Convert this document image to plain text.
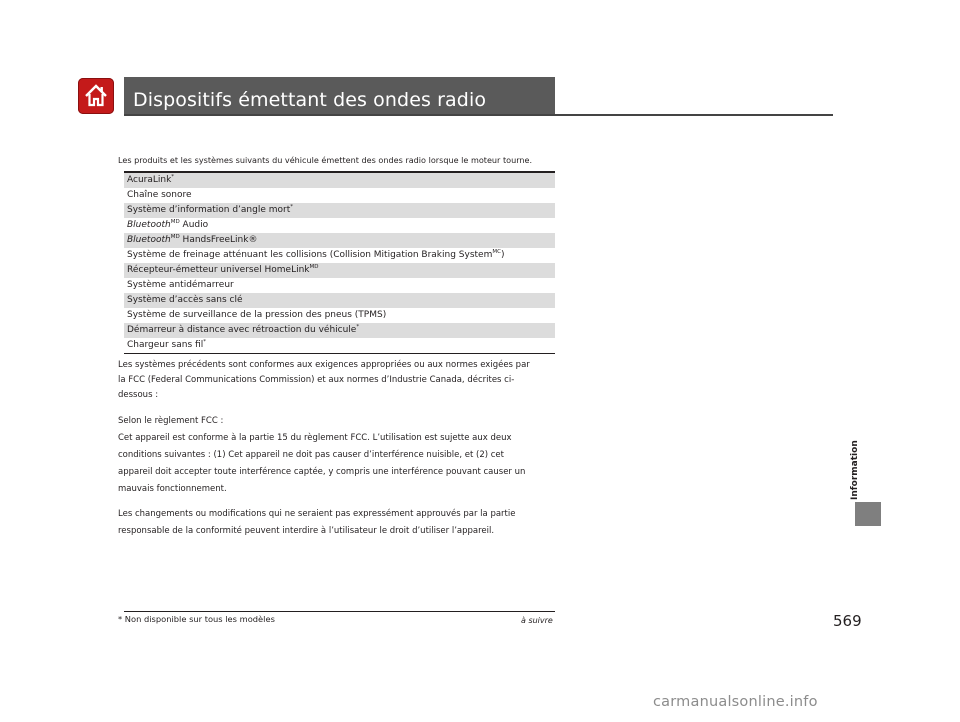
Dispositifs émettant des ondes radio
Les produits et les systèmes suivants du véhicule émettent des ondes radio lorsque le moteur tourne.
AcuraLink*
Chaîne sonore
Système d’information d’angle mort*
Bluetooth$^{MD}$ Audio
Bluetooth$^{MD}$ HandsFreeLink®
Système de freinage atténuant les collisions (Collision Mitigation Braking System$^{MC}$)
Récepteur-émetteur universel HomeLink$^{MD}$
Système antidémarreur
Système d’accès sans clé
Système de surveillance de la pression des pneus (TPMS)
Démarreur à distance avec rétroaction du véhicule*
Chargeur sans fil*
Les systèmes précédents sont conformes aux exigences appropriées ou aux normes exigées par
la FCC (Federal Communications Commission) et aux normes d’Industrie Canada, décrites ci-
dessous :
Selon le règlement FCC :
Cet appareil est conforme à la partie 15 du règlement FCC. L’utilisation est sujette aux deux
conditions suivantes : (1) Cet appareil ne doit pas causer d’interférence nuisible, et (2) cet
appareil doit accepter toute interférence captée, y compris une interférence pouvant causer un
mauvais fonctionnement.
Les changements ou modifications qui ne seraient pas expressément approuvés par la partie
responsable de la conformité peuvent interdire à l’utilisateur le droit d’utiliser l’appareil.
Information
* Non disponible sur tous les modèles	à suivre	569
carmanualsonline.info
